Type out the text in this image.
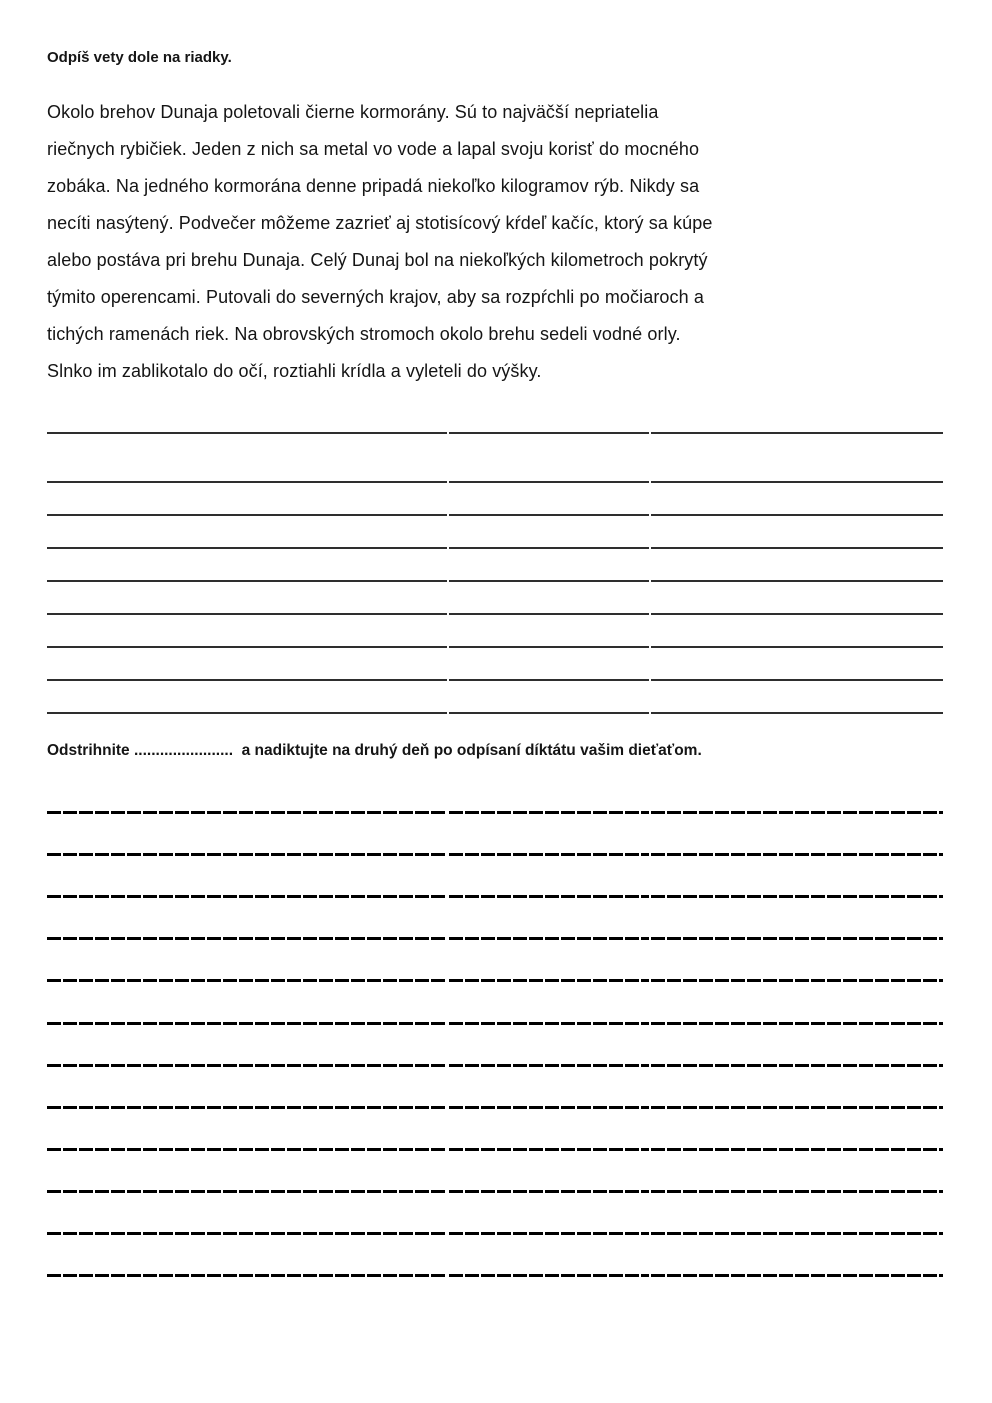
Odpíš vety dole na riadky.
Okolo brehov Dunaja poletovali čierne kormorány. Sú to najväčší nepriatelia
riečnych rybičiek. Jeden z nich sa metal vo vode a lapal svoju korisť do mocného
zobáka. Na jedného kormorána denne pripadá niekoľko kilogramov rýb. Nikdy sa
necíti nasýtený. Podvečer môžeme zazrieť aj stotisícový kŕdeľ kačíc, ktorý sa kúpe
alebo postáva pri brehu Dunaja. Celý Dunaj bol na niekoľkých kilometroch pokrytý
týmito operencami. Putovali do severných krajov, aby sa rozpŕchli po močiaroch a
tichých ramenách riek. Na obrovských stromoch okolo brehu sedeli vodné orly.
Slnko im zablikotalo do očí, roztiahli krídla a vyleteli do výšky.
Odstrihnite .......................  a nadiktujte na druhý deň po odpísaní díktátu vašim dieťaťom.
